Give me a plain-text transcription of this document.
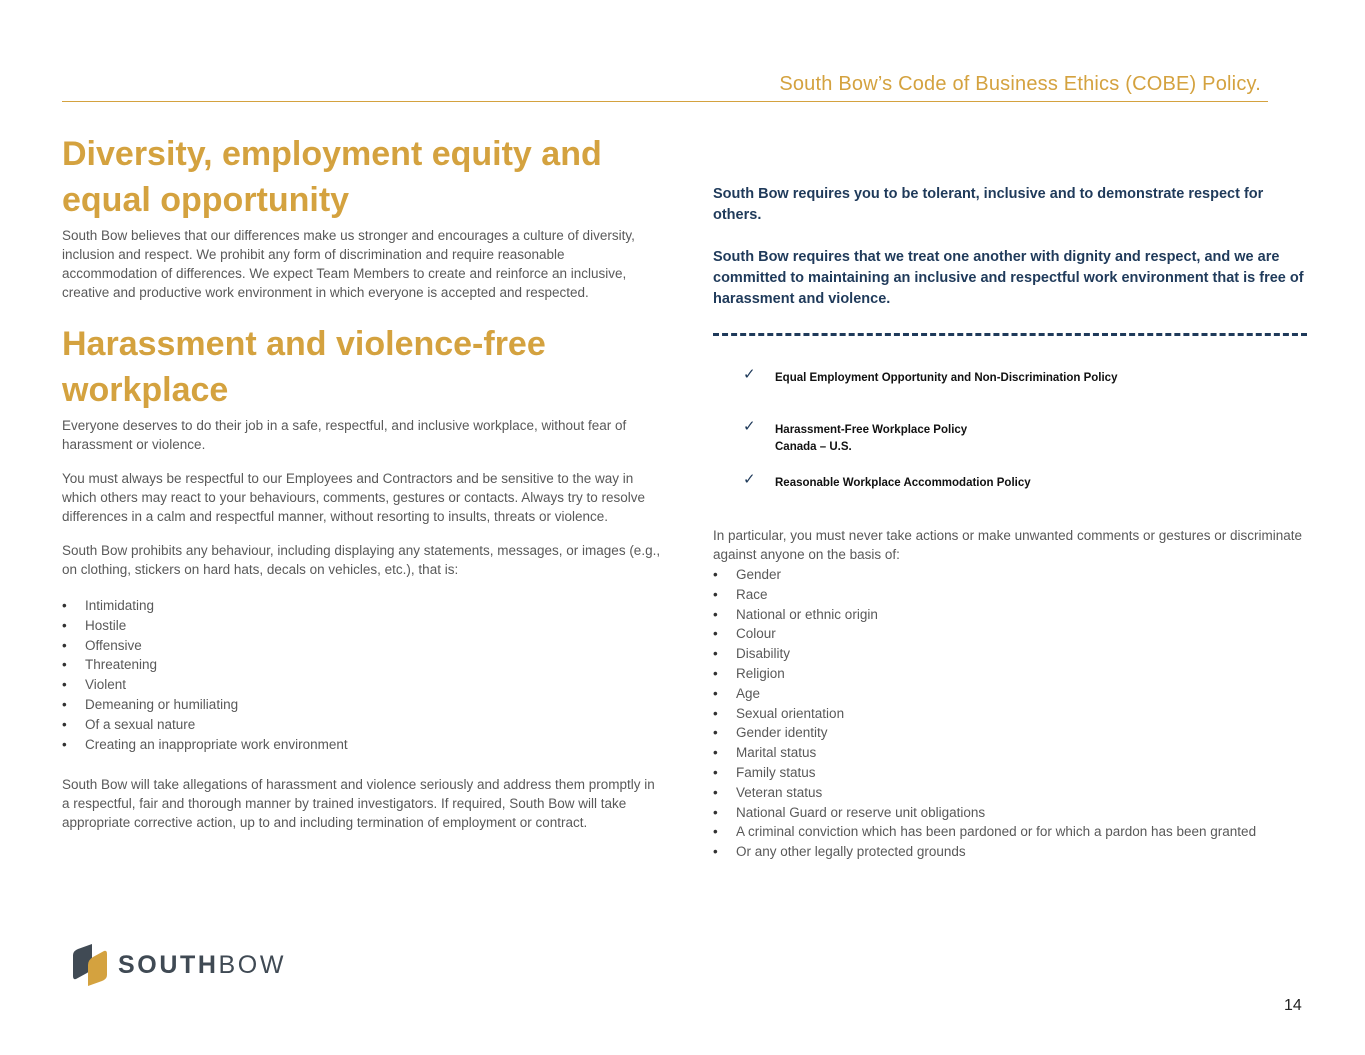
South Bow’s Code of Business Ethics (COBE) Policy.
Diversity, employment equity and
equal opportunity

South Bow believes that our differences make us stronger and encourages a culture of diversity, inclusion and respect. We prohibit any form of discrimination and require reasonable accommodation of differences. We expect Team Members to create and reinforce an inclusive, creative and productive work environment in which everyone is accepted and respected.

Harassment and violence-free
workplace

Everyone deserves to do their job in a safe, respectful, and inclusive workplace, without fear of harassment or violence.

You must always be respectful to our Employees and Contractors and be sensitive to the way in which others may react to your behaviours, comments, gestures or contacts. Always try to resolve differences in a calm and respectful manner, without resorting to insults, threats or violence.

South Bow prohibits any behaviour, including displaying any statements, messages, or images (e.g., on clothing, stickers on hard hats, decals on vehicles, etc.), that is:

• Intimidating
• Hostile
• Offensive
• Threatening
• Violent
• Demeaning or humiliating
• Of a sexual nature
• Creating an inappropriate work environment

South Bow will take allegations of harassment and violence seriously and address them promptly in a respectful, fair and thorough manner by trained investigators. If required, South Bow will take appropriate corrective action, up to and including termination of employment or contract.

South Bow requires you to be tolerant, inclusive and to demonstrate respect for others.

South Bow requires that we treat one another with dignity and respect, and we are committed to maintaining an inclusive and respectful work environment that is free of harassment and violence.

✓ Equal Employment Opportunity and Non-Discrimination Policy
✓ Harassment-Free Workplace Policy
Canada – U.S.
✓ Reasonable Workplace Accommodation Policy

In particular, you must never take actions or make unwanted comments or gestures or discriminate against anyone on the basis of:

• Gender
• Race
• National or ethnic origin
• Colour
• Disability
• Religion
• Age
• Sexual orientation
• Gender identity
• Marital status
• Family status
• Veteran status
• National Guard or reserve unit obligations
• A criminal conviction which has been pardoned or for which a pardon has been granted
• Or any other legally protected grounds
SOUTHBOW
14
